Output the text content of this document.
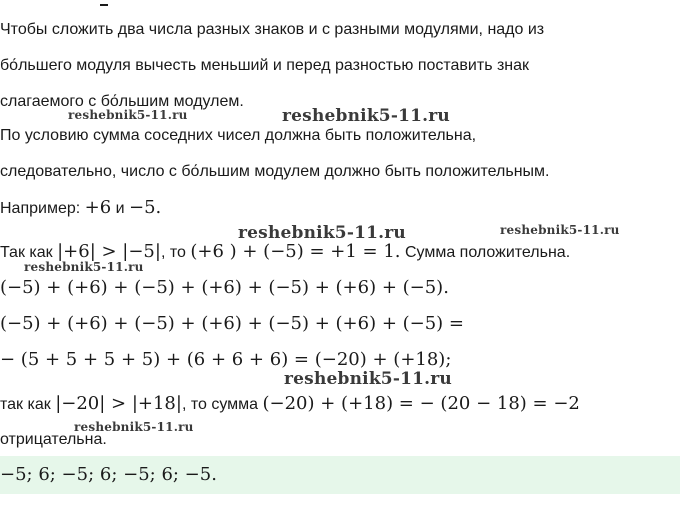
Чтобы сложить два числа разных знаков и с разными модулями, надо из
бо́льшего модуля вычесть меньший и перед разностью поставить знак
слагаемого с бо́льшим модулем.
reshebnik5-11.ru	reshebnik5-11.ru
По условию сумма соседних чисел должна быть положительна,
следовательно, число с бо́льшим модулем должно быть положительным.
Например: +6 и −5.
reshebnik5-11.ru	reshebnik5-11.ru
Так как |+6| > |−5|, то (+6 ) + (−5) = +1 = 1. Сумма положительна.
reshebnik5-11.ru
(−5) + (+6) + (−5) + (+6) + (−5) + (+6) + (−5).
(−5) + (+6) + (−5) + (+6) + (−5) + (+6) + (−5) =
− (5 + 5 + 5 + 5) + (6 + 6 + 6) = (−20) + (+18);
reshebnik5-11.ru
так как |−20| > |+18|, то сумма (−20) + (+18) = − (20 − 18) = −2
reshebnik5-11.ru
отрицательна.
−5; 6; −5; 6; −5; 6; −5.
